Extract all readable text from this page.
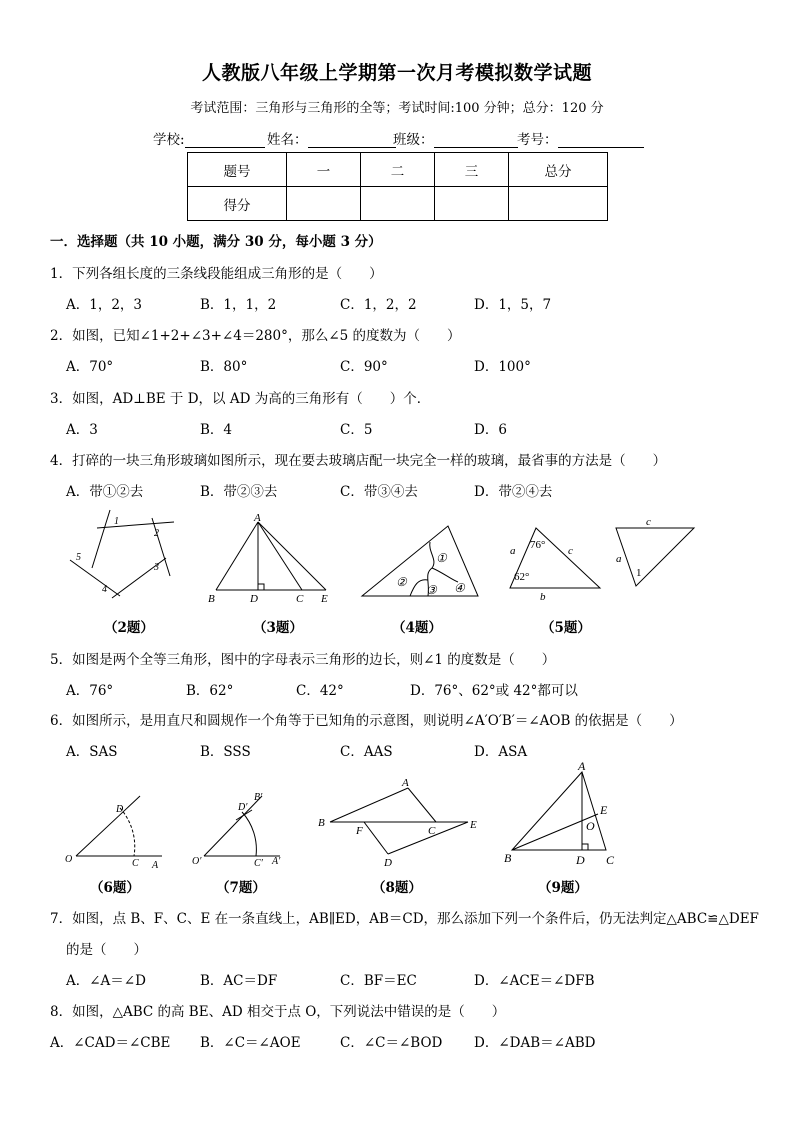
人教版八年级上学期第一次月考模拟数学试题
考试范围：三角形与三角形的全等；考试时间:100 分钟；总分：120 分
学校:	姓名：	班级：	考号：
题号	一	二	三	总分
得分				
一．选择题（共 10 小题，满分 30 分，每小题 3 分）
1．下列各组长度的三条线段能组成三角形的是（　　）
A．1，2，3	B．1，1，2	C．1，2，2	D．1，5，7
2．如图，已知∠1+2+∠3+∠4＝280°，那么∠5 的度数为（　　）
A．70°	B．80°	C．90°	D．100°
3．如图，AD⊥BE 于 D，以 AD 为高的三角形有（　　）个．
A．3	B．4	C．5	D．6
4．打碎的一块三角形玻璃如图所示，现在要去玻璃店配一块完全一样的玻璃，最省事的方法是（　　）
A．带①②去	B．带②③去	C．带③④去	D．带②④去
1
2
3
4
5
A
B	D	C E
①
②
③ ④
a 76° c
62°
b
c
a
1
（2题）	（3题）	（4题）	（5题）
5．如图是两个全等三角形，图中的字母表示三角形的边长，则∠1 的度数是（　　）
A．76°	B．62°	C．42°	D．76°、62°或 42°都可以
6．如图所示，是用直尺和圆规作一个角等于已知角的示意图，则说明∠A′O′B′＝∠AOB 的依据是（　　）
A．SAS	B．SSS	C．AAS	D．ASA
D
O	C A
D′
B′
O′	C′ A′
A
B
F	C	E
D
A
E
O
B	D C
（6题）	（7题）	（8题）	（9题）
7．如图，点 B、F、C、E 在一条直线上，AB∥ED，AB＝CD，那么添加下列一个条件后，仍无法判定△ABC≌△DEF
的是（　　）
A．∠A＝∠D	B．AC＝DF	C．BF＝EC	D．∠ACE＝∠DFB
8．如图，△ABC 的高 BE、AD 相交于点 O，下列说法中错误的是（　　）
A．∠CAD＝∠CBE B．∠C＝∠AOE	C．∠C＝∠BOD D．∠DAB＝∠ABD
